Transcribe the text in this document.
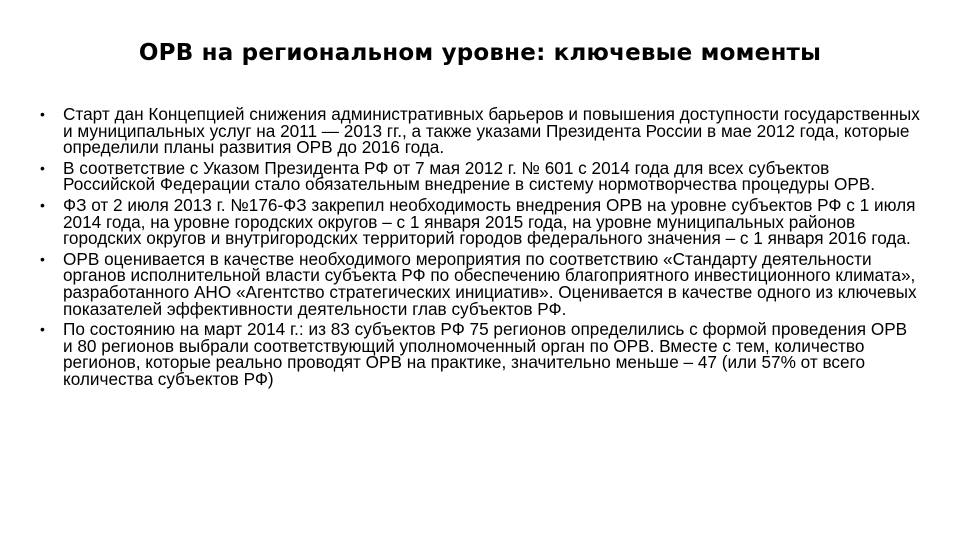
ОРВ на региональном уровне: ключевые моменты
• Старт дан Концепцией снижения административных барьеров и повышения доступности государственных и муниципальных услуг на 2011 — 2013 гг., а также указами Президента России в мае 2012 года, которые определили планы развития ОРВ до 2016 года.
• В соответствие с Указом Президента РФ от 7 мая 2012 г. № 601 с 2014 года для всех субъектов Российской Федерации стало обязательным внедрение в систему нормотворчества процедуры ОРВ.
• ФЗ от 2 июля 2013 г. №176-ФЗ закрепил необходимость внедрения ОРВ на уровне субъектов РФ с 1 июля 2014 года, на уровне городских округов – с 1 января 2015 года, на уровне муниципальных районов городских округов и внутригородских территорий городов федерального значения – с 1 января 2016 года.
• ОРВ оценивается в качестве необходимого мероприятия по соответствию «Стандарту деятельности органов исполнительной власти субъекта РФ по обеспечению благоприятного инвестиционного климата», разработанного АНО «Агентство стратегических инициатив». Оценивается в качестве одного из ключевых показателей эффективности деятельности глав субъектов РФ.
• По состоянию на март 2014 г.: из 83 субъектов РФ 75 регионов определились с формой проведения ОРВ и 80 регионов выбрали соответствующий уполномоченный орган по ОРВ. Вместе с тем, количество регионов, которые реально проводят ОРВ на практике, значительно меньше – 47 (или 57% от всего количества субъектов РФ)
